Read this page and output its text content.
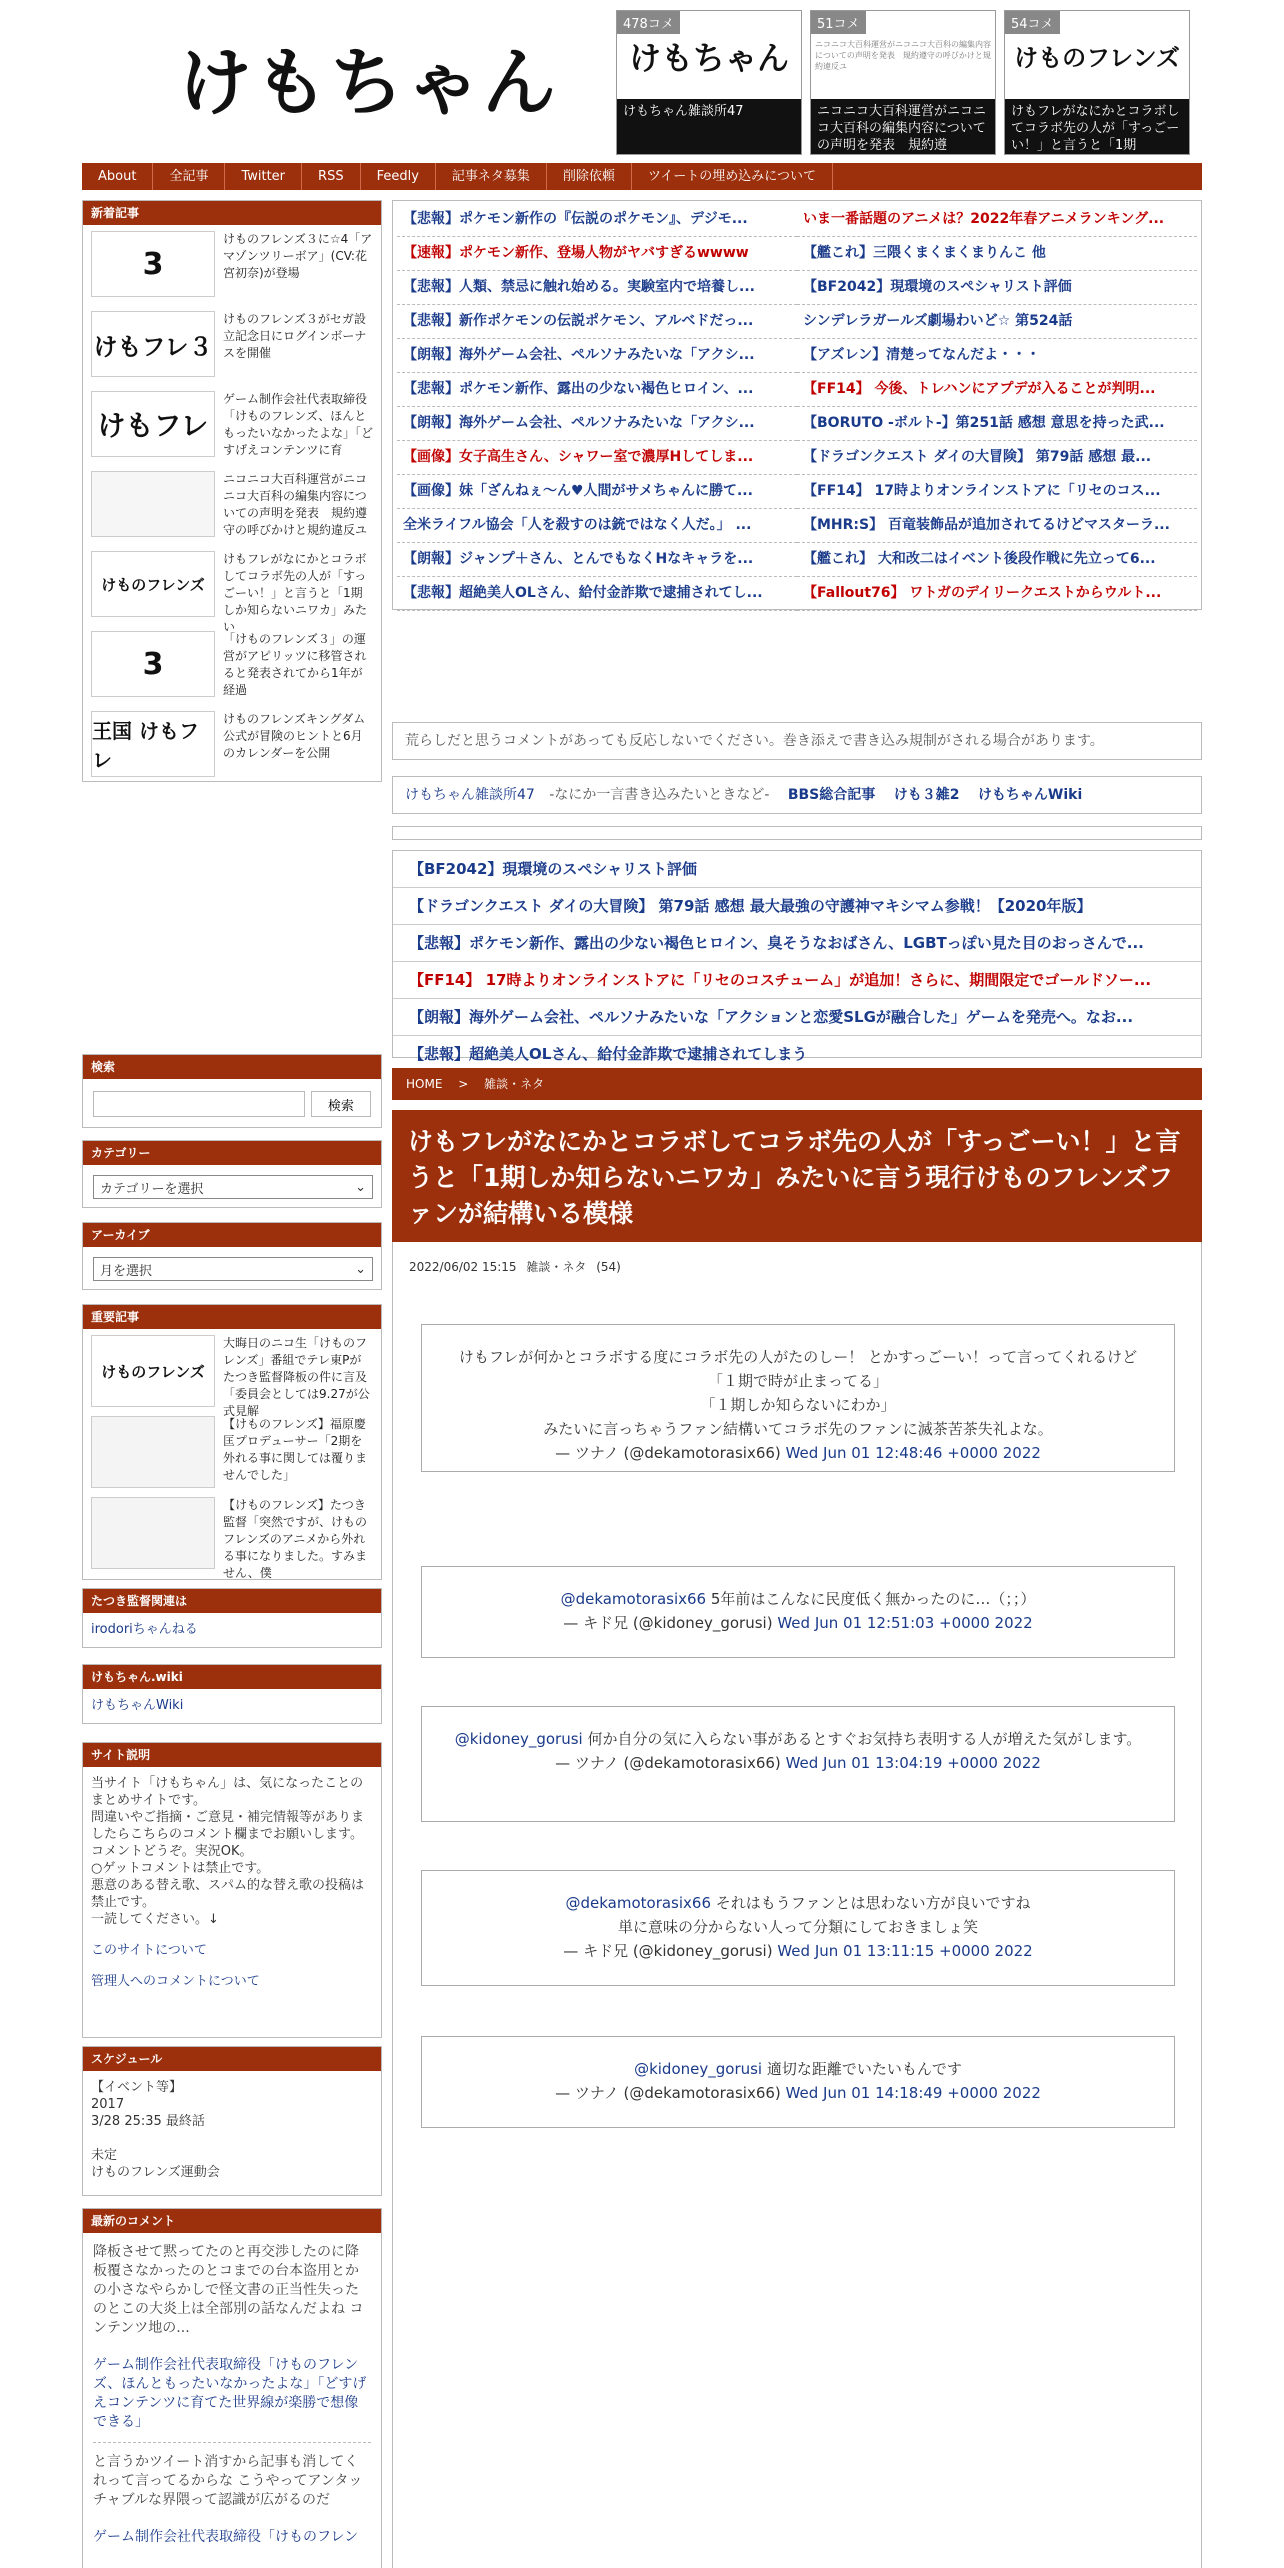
けもちゃん
478コメ
けもちゃん
けもちゃん雑談所47
51コメ
ニコニコ大百科運営がニコニコ大百科の編集内容についての声明を発表　規約遵守の呼びかけと規約違反ユ
ニコニコ大百科運営がニコニコ大百科の編集内容についての声明を発表　規約遵
54コメ
けものフレンズ
けもフレがなにかとコラボしてコラボ先の人が「すっごーい！」と言うと「1期
About	全記事	Twitter	RSS	Feedly	記事ネタ募集	削除依頼	ツイートの埋め込みについて
新着記事
3
けものフレンズ３に☆4「アマゾンツリーボア」(CV:花宮初奈)が登場
けもフレ３
けものフレンズ３がセガ設立記念日にログインボーナスを開催
けもフレ
ゲーム制作会社代表取締役「けものフレンズ、ほんともったいなかったよな」「どすげえコンテンツに育
ニコニコ大百科運営がニコニコ大百科の編集内容についての声明を発表　規約遵守の呼びかけと規約違反ユ
けものフレンズ
けもフレがなにかとコラボしてコラボ先の人が「すっごーい！」と言うと「1期しか知らないニワカ」みたい
3
「けものフレンズ３」の運営がアピリッツに移管されると発表されてから1年が経過
王国 けもフレ
けものフレンズキングダム公式が冒険のヒントと6月のカレンダーを公開
【悲報】ポケモン新作の『伝説のポケモン』、デジモ...	いま一番話題のアニメは？2022年春アニメランキング...
【速報】ポケモン新作、登場人物がヤバすぎるwwww	【艦これ】三隈くまくまくまりんこ 他
【悲報】人類、禁忌に触れ始める。実験室内で培養し...	【BF2042】現環境のスペシャリスト評価
【悲報】新作ポケモンの伝説ポケモン、アルベドだっ...	シンデレラガールズ劇場わいど☆ 第524話
【朗報】海外ゲーム会社、ペルソナみたいな「アクシ...	【アズレン】清楚ってなんだよ・・・
【悲報】ポケモン新作、露出の少ない褐色ヒロイン、...	【FF14】 今後、トレハンにアプデが入ることが判明...
【朗報】海外ゲーム会社、ペルソナみたいな「アクシ...	【BORUTO -ボルト-】第251話 感想 意思を持った武...
【画像】女子高生さん、シャワー室で濃厚Hしてしま...	【ドラゴンクエスト ダイの大冒険】 第79話 感想 最...
【画像】妹「ざんねぇ〜ん♥人間がサメちゃんに勝て...	【FF14】 17時よりオンラインストアに「リセのコス...
全米ライフル協会「人を殺すのは銃ではなく人だ。」 ...	【MHR:S】 百竜装飾品が追加されてるけどマスターラ...
【朗報】ジャンプ＋さん、とんでもなくHなキャラを...	【艦これ】 大和改二はイベント後段作戦に先立って6...
【悲報】超絶美人OLさん、給付金詐欺で逮捕されてし...	【Fallout76】 ワトガのデイリークエストからウルト...
荒らしだと思うコメントがあっても反応しないでください。巻き添えで書き込み規制がされる場合があります。
けもちゃん雑談所47 -なにか一言書き込みたいときなど- BBS総合記事 けも３雑2 けもちゃんWiki
【BF2042】現環境のスペシャリスト評価
【ドラゴンクエスト ダイの大冒険】 第79話 感想 最大最強の守護神マキシマム参戦！【2020年版】
【悲報】ポケモン新作、露出の少ない褐色ヒロイン、臭そうなおばさん、LGBTっぽい見た目のおっさんで...
【FF14】 17時よりオンラインストアに「リセのコスチューム」が追加！さらに、期間限定でゴールドソー...
【朗報】海外ゲーム会社、ペルソナみたいな「アクションと恋愛SLGが融合した」ゲームを発売へ。なお...
【悲報】超絶美人OLさん、給付金詐欺で逮捕されてしまう
検索
検索
カテゴリー
カテゴリーを選択	⌄
アーカイブ
月を選択	⌄
重要記事
けものフレンズ
大晦日のニコ生「けものフレンズ」番組でテレ東Pがたつき監督降板の件に言及　「委員会としては9.27が公式見解
【けものフレンズ】福原慶匡プロデューサー「2期を外れる事に関しては覆りませんでした」
【けものフレンズ】たつき監督「突然ですが、けものフレンズのアニメから外れる事になりました。すみません、僕
たつき監督関連は
irodoriちゃんねる
けもちゃん.wiki
けもちゃんWiki
サイト説明
当サイト「けもちゃん」は、気になったことのまとめサイトです。
問違いやご指摘・ご意見・補完情報等がありましたらこちらのコメント欄までお願いします。
コメントどうぞ。実況OK。
○ゲットコメントは禁止です。
悪意のある替え歌、スパム的な替え歌の投稿は禁止です。
一読してください。↓
このサイトについて
管理人へのコメントについて
スケジュール
【イベント等】
2017
3/28 25:35 最終話
未定
けものフレンズ運動会
最新のコメント
降板させて黙ってたのと再交渉したのに降板覆さなかったのとコまでの台本盗用とかの小さなやらかしで怪文書の正当性失ったのとこの大炎上は全部別の話なんだよね コンテンツ地の...
ゲーム制作会社代表取締役「けものフレンズ、ほんともったいなかったよな」「どすげえコンテンツに育てた世界線が楽勝で想像できる」
と言うかツイート消すから記事も消してくれって言ってるからな こうやってアンタッチャブルな界隈って認識が広がるのだ
ゲーム制作会社代表取締役「けものフレン
HOME > 雑談・ネタ
けもフレがなにかとコラボしてコラボ先の人が「すっごーい！」と言うと「1期しか知らないニワカ」みたいに言う現行けものフレンズファンが結構いる模様
2022/06/02 15:15 雑談・ネタ (54)
けもフレが何かとコラボする度にコラボ先の人がたのしー！ とかすっごーい！って言ってくれるけど
「１期で時が止まってる」
「１期しか知らないにわか」
みたいに言っちゃうファン結構いてコラボ先のファンに滅茶苦茶失礼よな。
— ツナノ (@dekamotorasix66) Wed Jun 01 12:48:46 +0000 2022
@dekamotorasix66 5年前はこんなに民度低く無かったのに…（；；）
— キド兄 (@kidoney_gorusi) Wed Jun 01 12:51:03 +0000 2022
@kidoney_gorusi 何か自分の気に入らない事があるとすぐお気持ち表明する人が増えた気がします。
— ツナノ (@dekamotorasix66) Wed Jun 01 13:04:19 +0000 2022
@dekamotorasix66 それはもうファンとは思わない方が良いですね
単に意味の分からない人って分類にしておきましょ笑
— キド兄 (@kidoney_gorusi) Wed Jun 01 13:11:15 +0000 2022
@kidoney_gorusi 適切な距離でいたいもんです
— ツナノ (@dekamotorasix66) Wed Jun 01 14:18:49 +0000 2022
